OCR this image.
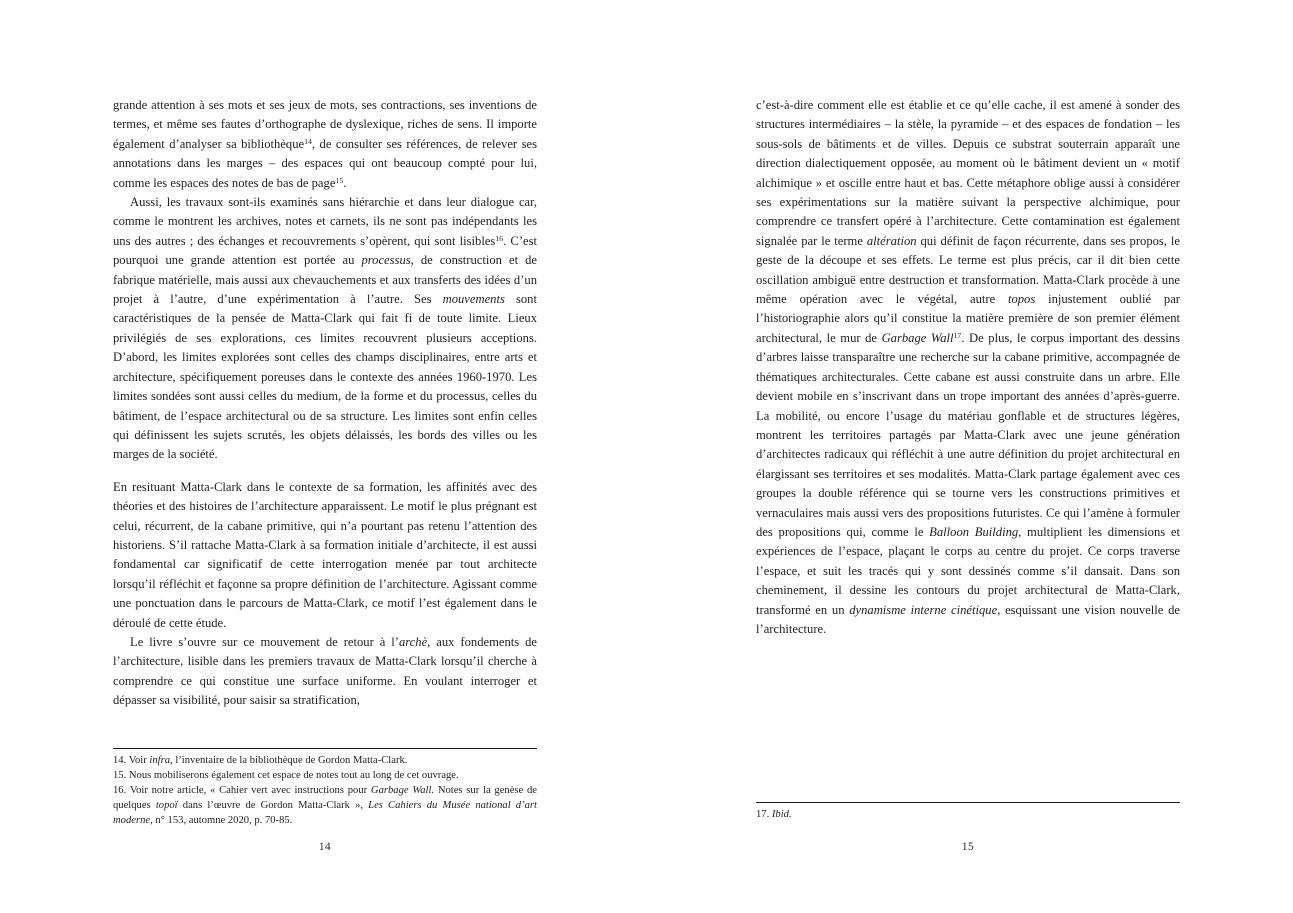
grande attention à ses mots et ses jeux de mots, ses contractions, ses inventions de termes, et même ses fautes d’orthographe de dyslexique, riches de sens. Il importe également d’analyser sa bibliothèque$^{14}$, de consulter ses références, de relever ses annotations dans les marges – des espaces qui ont beaucoup compté pour lui, comme les espaces des notes de bas de page$^{15}$.

Aussi, les travaux sont-ils examinés sans hiérarchie et dans leur dialogue car, comme le montrent les archives, notes et carnets, ils ne sont pas indépendants les uns des autres ; des échanges et recouvrements s’opèrent, qui sont lisibles$^{16}$. C’est pourquoi une grande attention est portée au processus, de construction et de fabrique matérielle, mais aussi aux chevauchements et aux transferts des idées d’un projet à l’autre, d’une expérimentation à l’autre. Ses mouvements sont caractéristiques de la pensée de Matta-Clark qui fait fi de toute limite. Lieux privilégiés de ses explorations, ces limites recouvrent plusieurs acceptions. D’abord, les limites explorées sont celles des champs disciplinaires, entre arts et architecture, spécifiquement poreuses dans le contexte des années 1960-1970. Les limites sondées sont aussi celles du medium, de la forme et du processus, celles du bâtiment, de l’espace architectural ou de sa structure. Les limites sont enfin celles qui définissent les sujets scrutés, les objets délaissés, les bords des villes ou les marges de la société.

En resituant Matta-Clark dans le contexte de sa formation, les affinités avec des théories et des histoires de l’architecture apparaissent. Le motif le plus prégnant est celui, récurrent, de la cabane primitive, qui n’a pourtant pas retenu l’attention des historiens. S’il rattache Matta-Clark à sa formation initiale d’architecte, il est aussi fondamental car significatif de cette interrogation menée par tout architecte lorsqu’il réfléchit et façonne sa propre définition de l’architecture. Agissant comme une ponctuation dans le parcours de Matta-Clark, ce motif l’est également dans le déroulé de cette étude.

Le livre s’ouvre sur ce mouvement de retour à l’archè, aux fondements de l’architecture, lisible dans les premiers travaux de Matta-Clark lorsqu’il cherche à comprendre ce qui constitue une surface uniforme. En voulant interroger et dépasser sa visibilité, pour saisir sa stratification,

14. Voir infra, l’inventaire de la bibliothèque de Gordon Matta-Clark.

15. Nous mobiliserons également cet espace de notes tout au long de cet ouvrage.

16. Voir notre article, « Cahier vert avec instructions pour Garbage Wall. Notes sur la genèse de quelques topoï dans l’œuvre de Gordon Matta-Clark », Les Cahiers du Musée national d’art moderne, n° 153, automne 2020, p. 70-85.

14

c’est-à-dire comment elle est établie et ce qu’elle cache, il est amené à sonder des structures intermédiaires – la stèle, la pyramide – et des espaces de fondation – les sous-sols de bâtiments et de villes. Depuis ce substrat souterrain apparaît une direction dialectiquement opposée, au moment où le bâtiment devient un « motif alchimique » et oscille entre haut et bas. Cette métaphore oblige aussi à considérer ses expérimentations sur la matière suivant la perspective alchimique, pour comprendre ce transfert opéré à l’architecture. Cette contamination est également signalée par le terme altération qui définit de façon récurrente, dans ses propos, le geste de la découpe et ses effets. Le terme est plus précis, car il dit bien cette oscillation ambiguë entre destruction et transformation. Matta-Clark procède à une même opération avec le végétal, autre topos injustement oublié par l’historiographie alors qu’il constitue la matière première de son premier élément architectural, le mur de Garbage Wall$^{17}$. De plus, le corpus important des dessins d’arbres laisse transparaître une recherche sur la cabane primitive, accompagnée de thématiques architecturales. Cette cabane est aussi construite dans un arbre. Elle devient mobile en s’inscrivant dans un trope important des années d’après-guerre. La mobilité, ou encore l’usage du matériau gonflable et de structures légères, montrent les territoires partagés par Matta-Clark avec une jeune génération d’architectes radicaux qui réfléchit à une autre définition du projet architectural en élargissant ses territoires et ses modalités. Matta-Clark partage également avec ces groupes la double référence qui se tourne vers les constructions primitives et vernaculaires mais aussi vers des propositions futuristes. Ce qui l’amène à formuler des propositions qui, comme le Balloon Building, multiplient les dimensions et expériences de l’espace, plaçant le corps au centre du projet. Ce corps traverse l’espace, et suit les tracés qui y sont dessinés comme s’il dansait. Dans son cheminement, il dessine les contours du projet architectural de Matta-Clark, transformé en un dynamisme interne cinétique, esquissant une vision nouvelle de l’architecture.

17. Ibid.

15
